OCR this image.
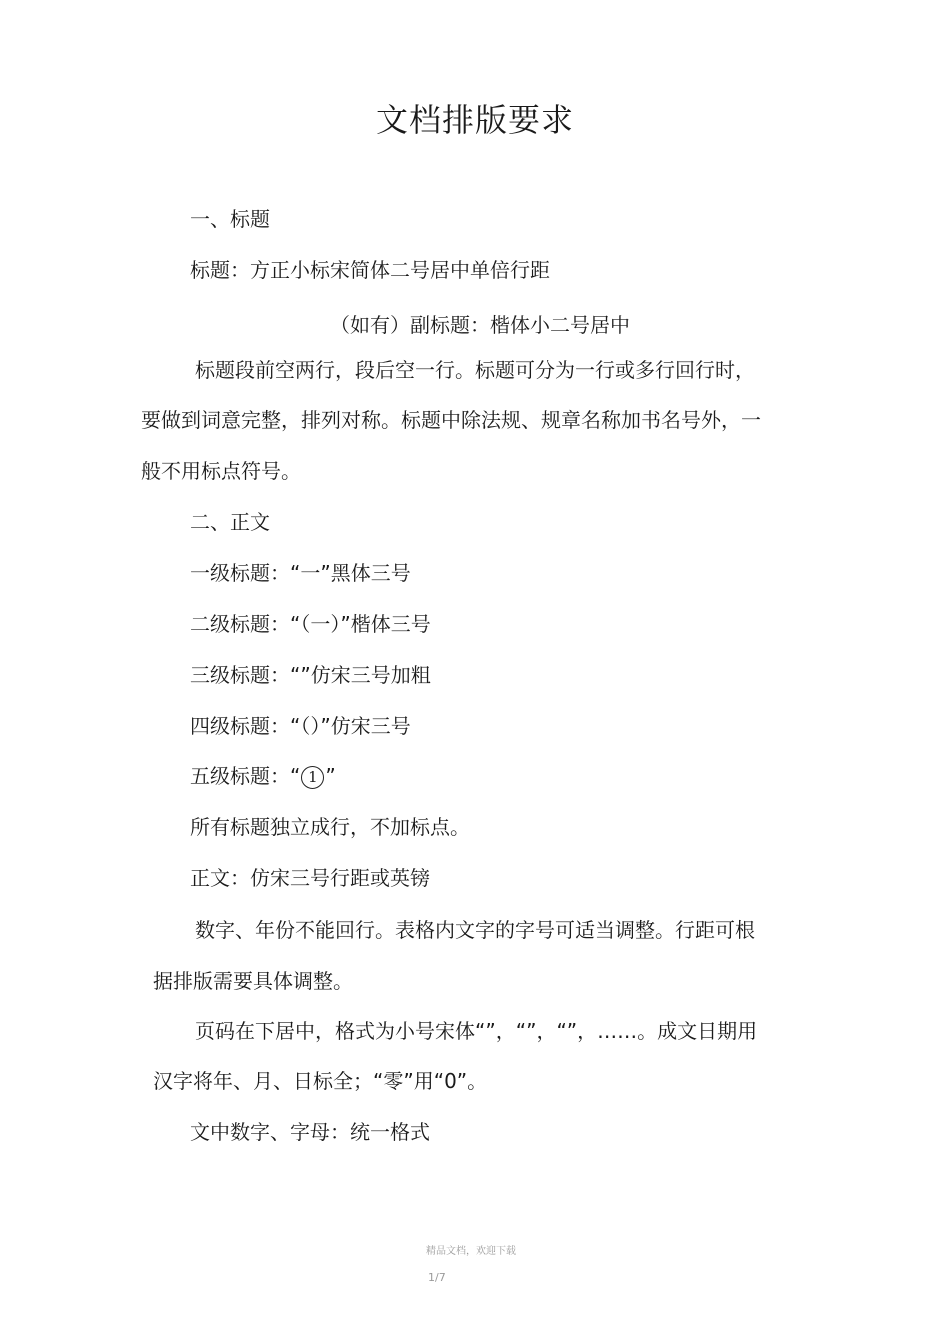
文档排版要求
一、标题
标题：方正小标宋简体二号居中单倍行距
（如有）副标题：楷体小二号居中
标题段前空两行，段后空一行。标题可分为一行或多行回行时，
要做到词意完整，排列对称。标题中除法规、规章名称加书名号外，一
般不用标点符号。
二、正文
一级标题：“一”黑体三号
二级标题：“（一）”楷体三号
三级标题：“”仿宋三号加粗
四级标题：“（）”仿宋三号
五级标题：“ 1 ”
所有标题独立成行，不加标点。
正文：仿宋三号行距或英镑
数字、年份不能回行。表格内文字的字号可适当调整。行距可根
据排版需要具体调整。
页码在下居中，格式为小号宋体“”，“”，“”，……。成文日期用
汉字将年、月、日标全；“零”用“0”。
文中数字、字母：统一格式
精品文档，欢迎下载
1/7
